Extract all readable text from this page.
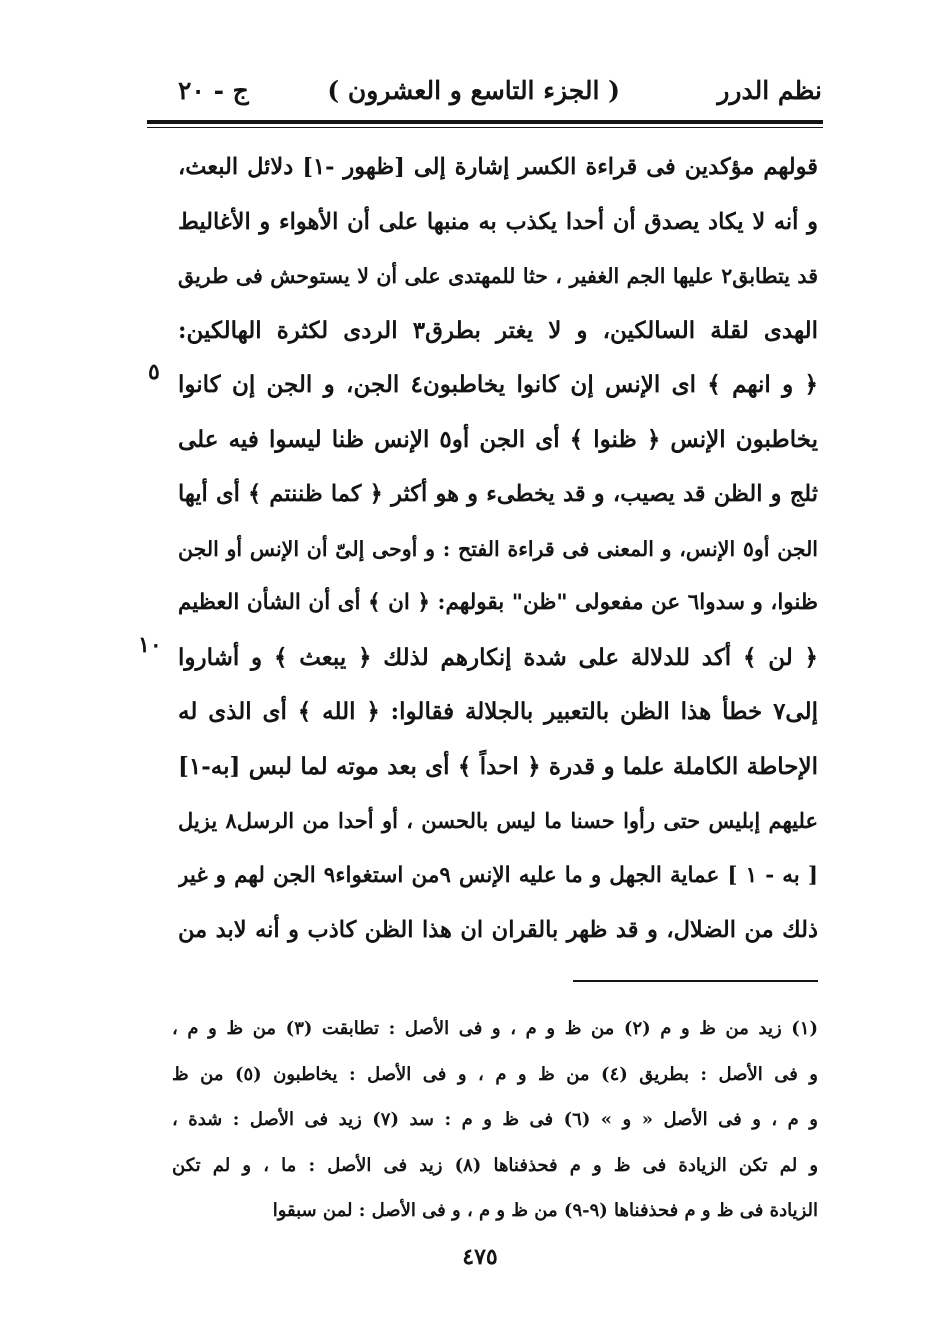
نظم الدرر
( الجزء التاسع و العشرون )
ج - ٢٠
قولهم مؤكدين فى قراءة الكسر إشارة إلى [ظهور -١] دلائل البعث،
و أنه لا يكاد يصدق أن أحدا يكذب به منبها على أن الأهواء و الأغاليط
قد يتطابق٢ عليها الجم الغفير ، حثا للمهتدى على أن لا يستوحش فى طريق
الهدى لقلة السالكين، و لا يغتر بطرق٣ الردى لكثرة الهالكين:
﴿ و انهم ﴾ اى الإنس إن كانوا يخاطبون٤ الجن، و الجن إن كانوا
يخاطبون الإنس ﴿ ظنوا ﴾ أى الجن أو٥ الإنس ظنا ليسوا فيه على
ثلج و الظن قد يصيب، و قد يخطىء و هو أكثر ﴿ كما ظننتم ﴾ أى أيها
الجن أو٥ الإنس، و المعنى فى قراءة الفتح : و أوحى إلىّ أن الإنس أو الجن
ظنوا، و سدوا٦ عن مفعولى "ظن" بقولهم: ﴿ ان ﴾ أى أن الشأن العظيم
﴿ لن ﴾ أكد للدلالة على شدة إنكارهم لذلك ﴿ يبعث ﴾ و أشاروا
إلى٧ خطأ هذا الظن بالتعبير بالجلالة فقالوا: ﴿ الله ﴾ أى الذى له
الإحاطة الكاملة علما و قدرة ﴿ احداً ﴾ أى بعد موته لما لبس [به-١]
عليهم إبليس حتى رأوا حسنا ما ليس بالحسن ، أو أحدا من الرسل٨ يزيل
[ به - ١ ] عماية الجهل و ما عليه الإنس ٩من استغواء٩ الجن لهم و غير
ذلك من الضلال، و قد ظهر بالقران ان هذا الظن كاذب و أنه لابد من
٥
١٠
(١) زيد من ظ و م (٢) من ظ و م ، و فى الأصل : تطابقت (٣) من ظ و م ،
و فى الأصل : بطريق (٤) من ظ و م ، و فى الأصل : يخاطبون (٥) من ظ
و م ، و فى الأصل « و » (٦) فى ظ و م : سد (٧) زيد فى الأصل : شدة ،
و لم تكن الزيادة فى ظ و م فحذفناها (٨) زيد فى الأصل : ما ، و لم تكن
الزيادة فى ظ و م فحذفناها (٩-٩) من ظ و م ، و فى الأصل : لمن سبقوا
٤٧٥
